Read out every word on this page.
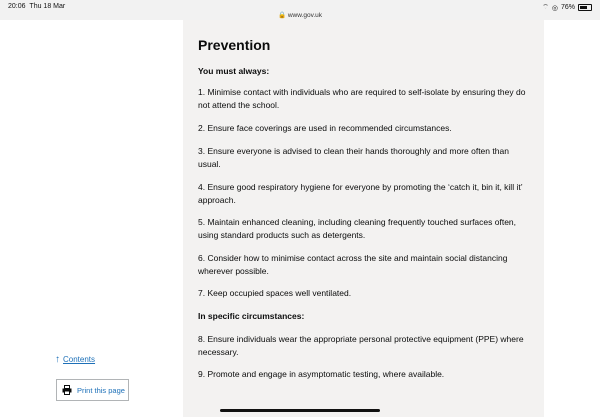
20:06 Thu 18 Mar
🔒 www.gov.uk
⌔ ◎ 76%
Prevention
You must always:
1. Minimise contact with individuals who are required to self-isolate by ensuring they do not attend the school.
2. Ensure face coverings are used in recommended circumstances.
3. Ensure everyone is advised to clean their hands thoroughly and more often than usual.
4. Ensure good respiratory hygiene for everyone by promoting the ‘catch it, bin it, kill it’ approach.
5. Maintain enhanced cleaning, including cleaning frequently touched surfaces often, using standard products such as detergents.
6. Consider how to minimise contact across the site and maintain social distancing wherever possible.
7. Keep occupied spaces well ventilated.
In specific circumstances:
8. Ensure individuals wear the appropriate personal protective equipment (PPE) where necessary.
9. Promote and engage in asymptomatic testing, where available.
↑ Contents
Print this page
